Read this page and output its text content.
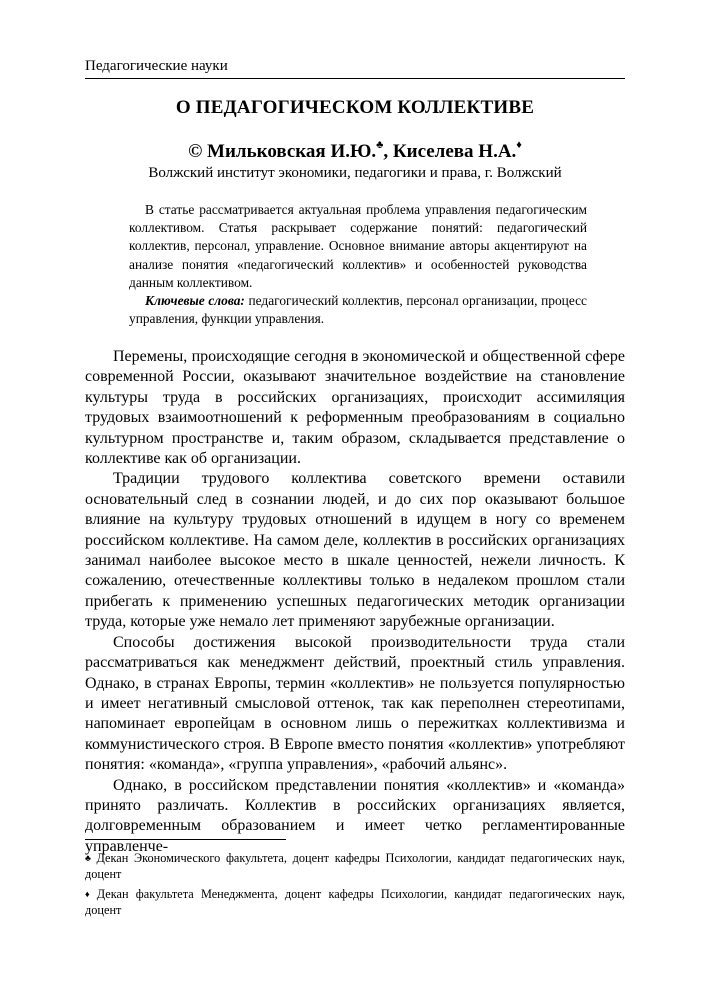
Педагогические науки
О ПЕДАГОГИЧЕСКОМ КОЛЛЕКТИВЕ
© Мильковская И.Ю.♣, Киселева Н.А.♦
Волжский институт экономики, педагогики и права, г. Волжский

В статье рассматривается актуальная проблема управления педагогическим коллективом. Статья раскрывает содержание понятий: педагогический коллектив, персонал, управление. Основное внимание авторы акцентируют на анализе понятия «педагогический коллектив» и особенностей руководства данным коллективом.

Ключевые слова: педагогический коллектив, персонал организации, процесс управления, функции управления.

Перемены, происходящие сегодня в экономической и общественной сфере современной России, оказывают значительное воздействие на становление культуры труда в российских организациях, происходит ассимиляция трудовых взаимоотношений к реформенным преобразованиям в социально культурном пространстве и, таким образом, складывается представление о коллективе как об организации.

Традиции трудового коллектива советского времени оставили основательный след в сознании людей, и до сих пор оказывают большое влияние на культуру трудовых отношений в идущем в ногу со временем российском коллективе. На самом деле, коллектив в российских организациях занимал наиболее высокое место в шкале ценностей, нежели личность. К сожалению, отечественные коллективы только в недалеком прошлом стали прибегать к применению успешных педагогических методик организации труда, которые уже немало лет применяют зарубежные организации.

Способы достижения высокой производительности труда стали рассматриваться как менеджмент действий, проектный стиль управления. Однако, в странах Европы, термин «коллектив» не пользуется популярностью и имеет негативный смысловой оттенок, так как переполнен стереотипами, напоминает европейцам в основном лишь о пережитках коллективизма и коммунистического строя. В Европе вместо понятия «коллектив» употребляют понятия: «команда», «группа управления», «рабочий альянс».

Однако, в российском представлении понятия «коллектив» и «команда» принято различать. Коллектив в российских организациях является, долговременным образованием и имеет четко регламентированные управленче-

♣ Декан Экономического факультета, доцент кафедры Психологии, кандидат педагогических наук, доцент

♦ Декан факультета Менеджмента, доцент кафедры Психологии, кандидат педагогических наук, доцент
